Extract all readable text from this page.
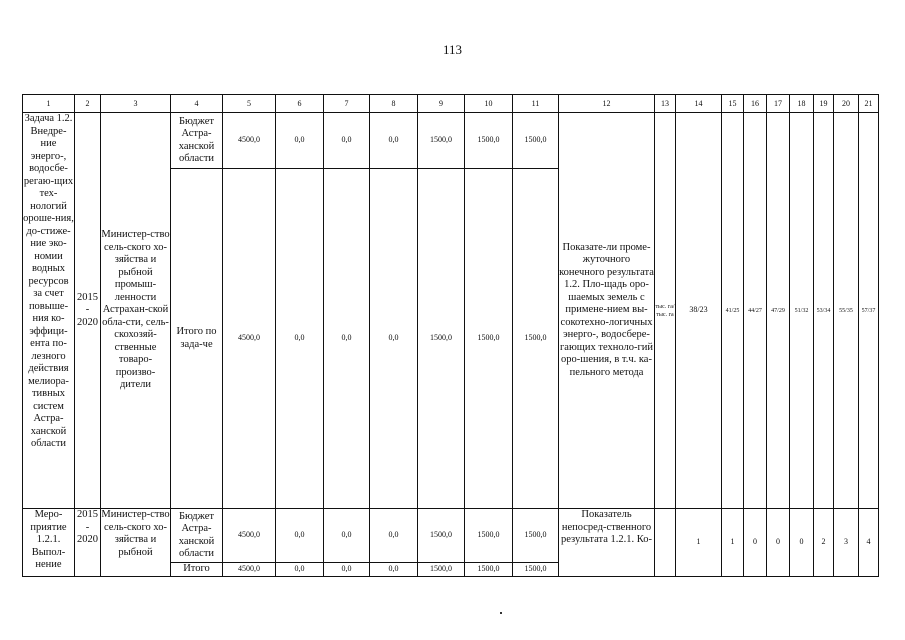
113
1	2	3	4	5	6	7	8	9	10	11	12	13	14	15	16	17	18	19	20	21
Задача 1.2. Внедре-ние энерго-, водосбе-регаю-щих тех-нологий ороше-ния, до-стиже-ние эко-номии водных ресурсов за счет повыше-ния ко-эффици-ента по-лезного действия мелиора-тивных систем Астра-ханской области	2015 - 2020	Министер-ство сель-ского хо-зяйства и рыбной промыш-ленности Астрахан-ской обла-сти, сель-скохозяй-ственные товаро-произво-дители	Бюджет Астра-ханской области	4500,0	0,0	0,0	0,0	1500,0	1500,0	1500,0	Показате-ли проме-жуточного конечного результата 1.2. Пло-щадь оро-шаемых земель с примене-нием вы-сокотехно-логичных энерго-, водосбере-гающих техноло-гий оро-шения, в т.ч. ка-пельного метода	тыс. га/ тыс. га	38/23	41/25	44/27	47/29	51/32	53/34	55/35	57/37
			Итого по зада-че	4500,0	0,0	0,0	0,0	1500,0	1500,0	1500,0										
Меро-приятие 1.2.1. Выпол-нение	2015 - 2020	Министер-ство сель-ского хо-зяйства и рыбной	Бюджет Астра-ханской области	4500,0	0,0	0,0	0,0	1500,0	1500,0	1500,0	Показатель непосред-ственного результата 1.2.1. Ко-		1	1	0	0	0	2	3	4
			Итого	4500,0	0,0	0,0	0,0	1500,0	1500,0	1500,0										
